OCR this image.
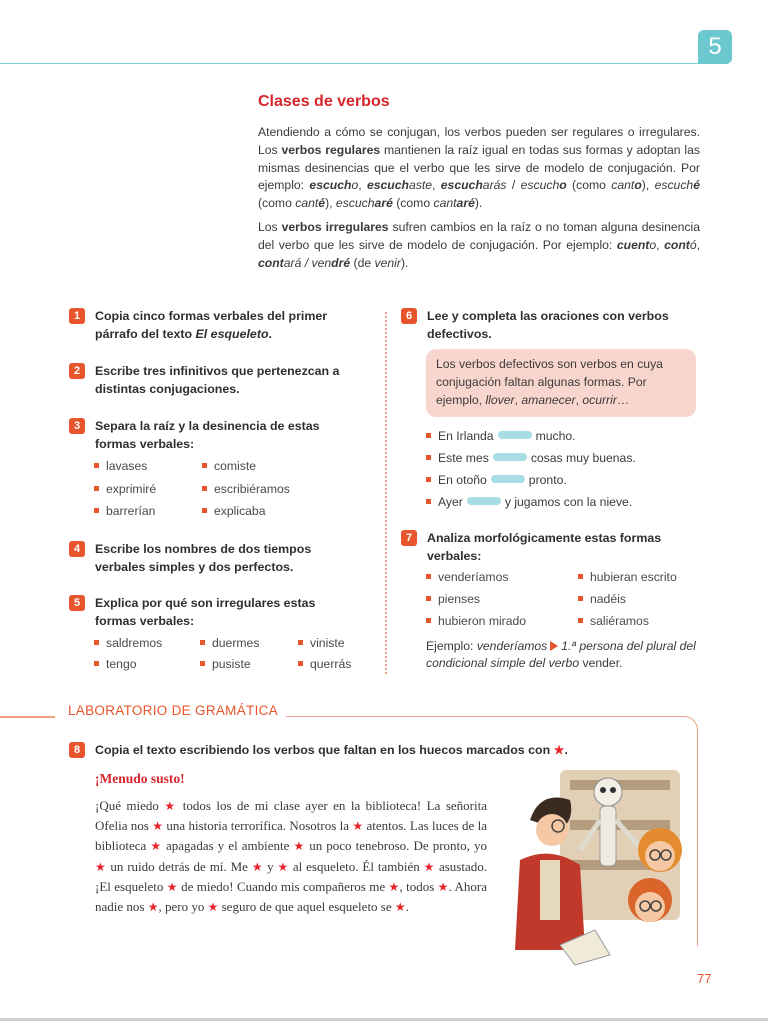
5
Clases de verbos
Atendiendo a cómo se conjugan, los verbos pueden ser regulares o irregulares. Los verbos regulares mantienen la raíz igual en todas sus formas y adoptan las mismas desinencias que el verbo que les sirve de modelo de conjugación. Por ejemplo: escucho, escuchaste, escucharás / escucho (como canto), escuché (como canté), escucharé (como cantaré).
Los verbos irregulares sufren cambios en la raíz o no toman alguna desinencia del verbo que les sirve de modelo de conjugación. Por ejemplo: cuento, contó, contará / vendré (de venir).
1	Copia cinco formas verbales del primer párrafo del texto El esqueleto.
2	Escribe tres infinitivos que pertenezcan a distintas conjugaciones.
3	Separa la raíz y la desinencia de estas formas verbales:
lavases	comiste
exprimiré	escribiéramos
barrerían	explicaba
4	Escribe los nombres de dos tiempos verbales simples y dos perfectos.
5	Explica por qué son irregulares estas formas verbales:
saldremos	duermes	viniste
tengo	pusiste	querrás
6	Lee y completa las oraciones con verbos defectivos.
Los verbos defectivos son verbos en cuya conjugación faltan algunas formas. Por ejemplo, llover, amanecer, ocurrir…
En Irlanda	mucho.
Este mes	cosas muy buenas.
En otoño	pronto.
Ayer	y jugamos con la nieve.
7	Analiza morfológicamente estas formas verbales:
venderíamos	hubieran escrito
pienses	nadéis
hubieron mirado	saliéramos
Ejemplo: venderíamos 1.ª persona del plural del condicional simple del verbo vender.
LABORATORIO DE GRAMÁTICA
8	Copia el texto escribiendo los verbos que faltan en los huecos marcados con ★.
¡Menudo susto!
¡Qué miedo ★ todos los de mi clase ayer en la biblioteca! La señorita Ofelia nos ★ una historia terrorífica. Nosotros la ★ atentos. Las luces de la biblioteca ★ apagadas y el ambiente ★ un poco tenebroso. De pronto, yo ★ un ruido detrás de mí. Me ★ y ★ al esqueleto. Él también ★ asustado. ¡El esqueleto ★ de miedo! Cuando mis compañeros me ★, todos ★. Ahora nadie nos ★, pero yo ★ seguro de que aquel esqueleto se ★.
77
